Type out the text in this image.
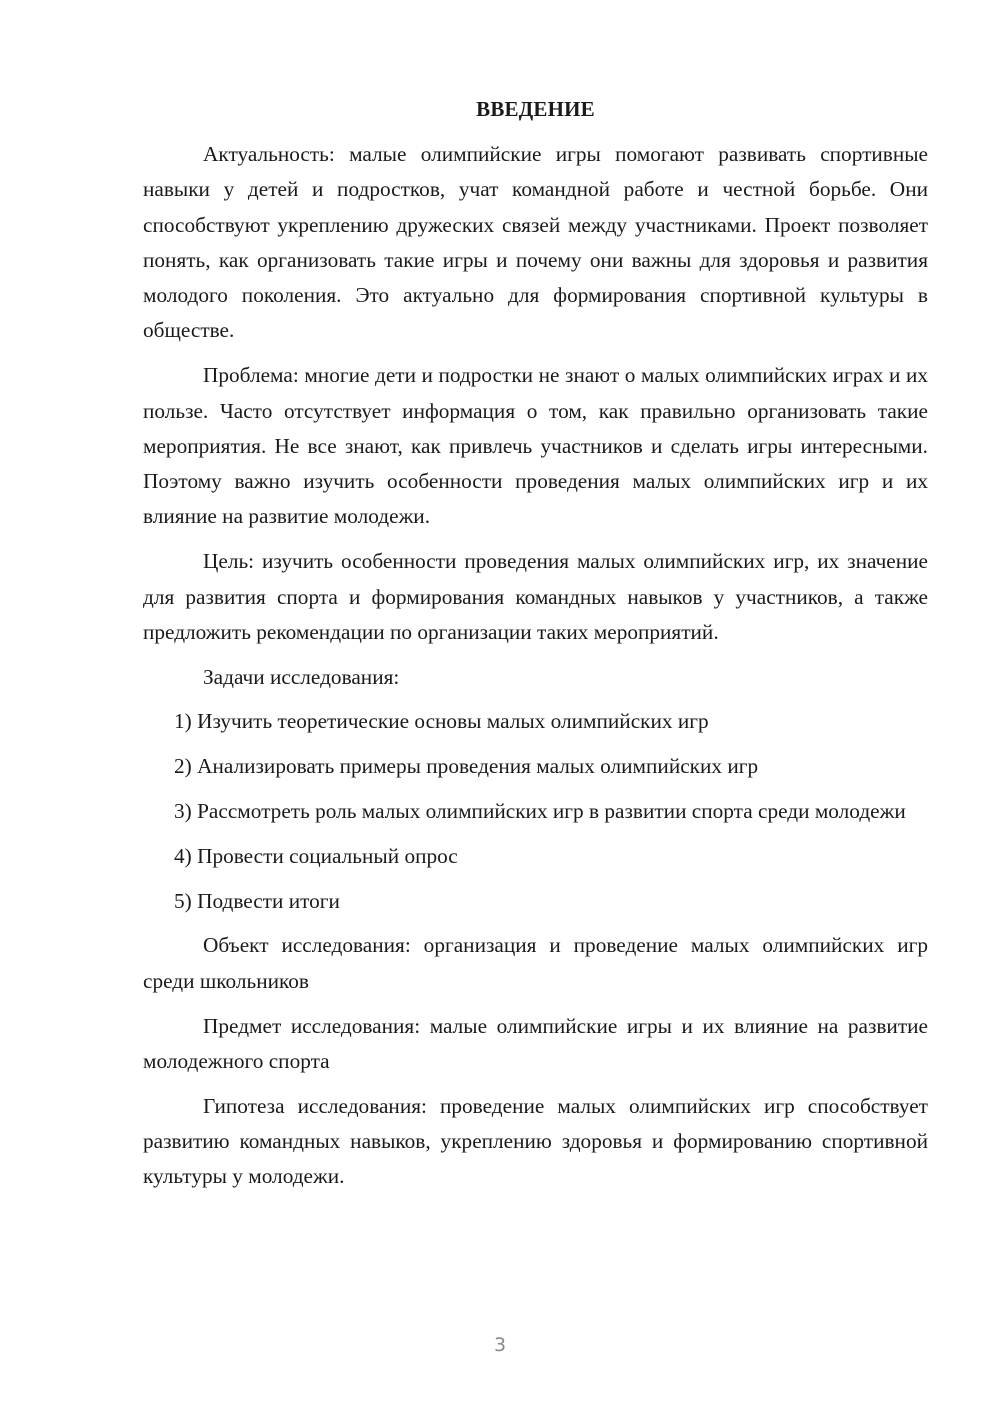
ВВЕДЕНИЕ

Актуальность: малые олимпийские игры помогают развивать спортивные навыки у детей и подростков, учат командной работе и честной борьбе. Они способствуют укреплению дружеских связей между участниками. Проект позволяет понять, как организовать такие игры и почему они важны для здоровья и развития молодого поколения. Это актуально для формирования спортивной культуры в обществе.

Проблема: многие дети и подростки не знают о малых олимпийских играх и их пользе. Часто отсутствует информация о том, как правильно организовать такие мероприятия. Не все знают, как привлечь участников и сделать игры интересными. Поэтому важно изучить особенности проведения малых олимпийских игр и их влияние на развитие молодежи.

Цель: изучить особенности проведения малых олимпийских игр, их значение для развития спорта и формирования командных навыков у участников, а также предложить рекомендации по организации таких мероприятий.

Задачи исследования:

1) Изучить теоретические основы малых олимпийских игр

2) Анализировать примеры проведения малых олимпийских игр

3) Рассмотреть роль малых олимпийских игр в развитии спорта среди молодежи

4) Провести социальный опрос

5) Подвести итоги

Объект исследования: организация и проведение малых олимпийских игр среди школьников

Предмет исследования: малые олимпийские игры и их влияние на развитие молодежного спорта

Гипотеза исследования: проведение малых олимпийских игр способствует развитию командных навыков, укреплению здоровья и формированию спортивной культуры у молодежи.

3
